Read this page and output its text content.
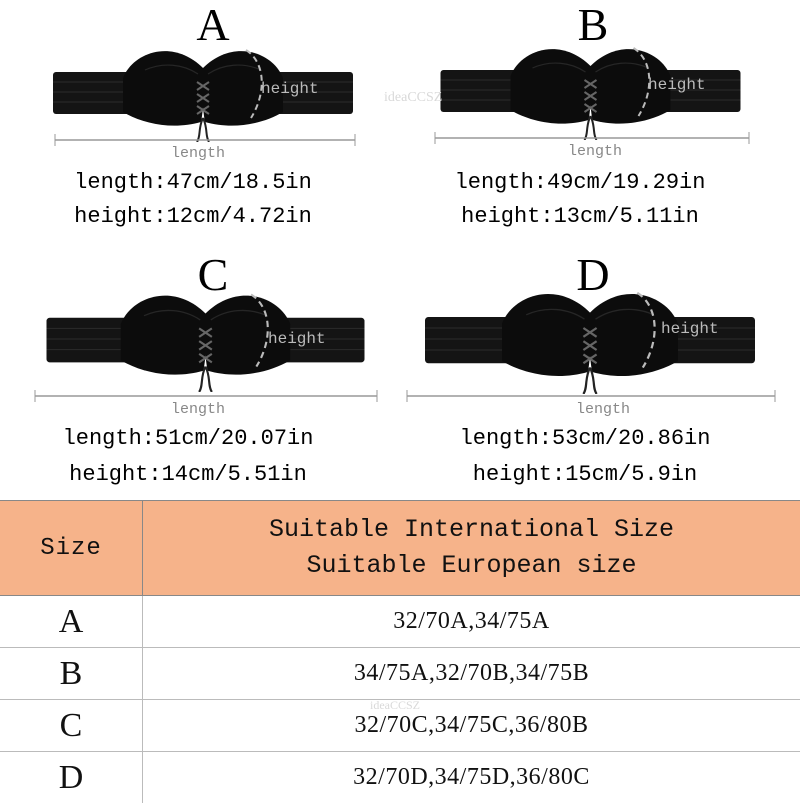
A
height
length
length:47cm/18.5in
height:12cm/4.72in
B
height
length
length:49cm/19.29in
height:13cm/5.11in
C
height
length
length:51cm/20.07in
height:14cm/5.51in
D
height
length
length:53cm/20.86in
height:15cm/5.9in
ideaCCSZ
Size
Suitable International Size
Suitable European size
A	32/70A,34/75A
B	34/75A,32/70B,34/75B
C	32/70C,34/75C,36/80B
D	32/70D,34/75D,36/80C
ideaCCSZ
